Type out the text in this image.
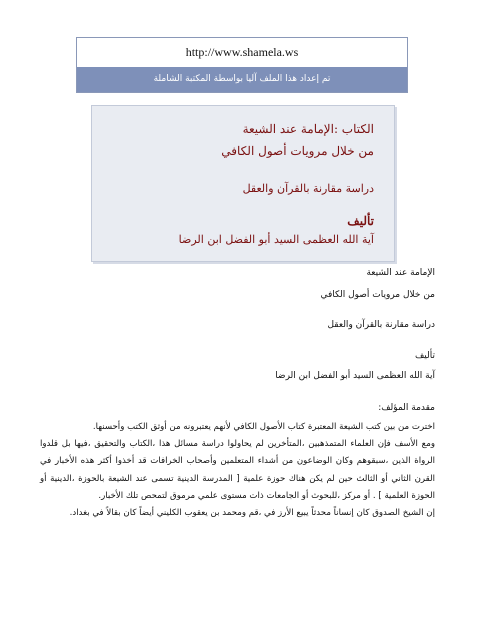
http://www.shamela.ws
تم إعداد هذا الملف آليا بواسطة المكتبة الشاملة
الكتاب :الإمامة عند الشيعة
من خلال مرويات أصول الكافي
دراسة مقارنة بالقرآن والعقل
تأليف
آية الله العظمى السيد أبو الفضل ابن الرضا
الإمامة عند الشيعة
من خلال مرويات أصول الكافي
دراسة مقارنة بالقرآن والعقل
تأليف
آية الله العظمى السيد أبو الفضل ابن الرضا
مقدمة المؤلف:

اخترت من بين كتب الشيعة المعتبرة كتاب الأصول الكافي لأنهم يعتبرونه من أوثق الكتب وأحسنها.

ومع الأسف فإن العلماء المتمذهبين ،المتأخرين لم يحاولوا دراسة مسائل هذا ،الكتاب والتحقيق ،فيها بل قلدوا الرواة الذين ،سبقوهم وكان الوضاعون من أشداء المتعلمين وأصحاب الخرافات قد أخذوا أكثر هذه الأخبار في القرن الثاني أو الثالث حين لم يكن هناك حوزة علمية [ المدرسة الدينية تسمى عند الشيعة بالحوزة ،الدينية أو الحوزة العلمية ] . أو مركز ،للبحوث أو الجامعات ذات مستوى علمي مرموق لتمحص تلك الأخبار.

إن الشيخ الصدوق كان إنساناً محدثاً يبيع الأرز في ،قم ومحمد بن يعقوب الكليني أيضاً كان بقالاً في بغداد.
